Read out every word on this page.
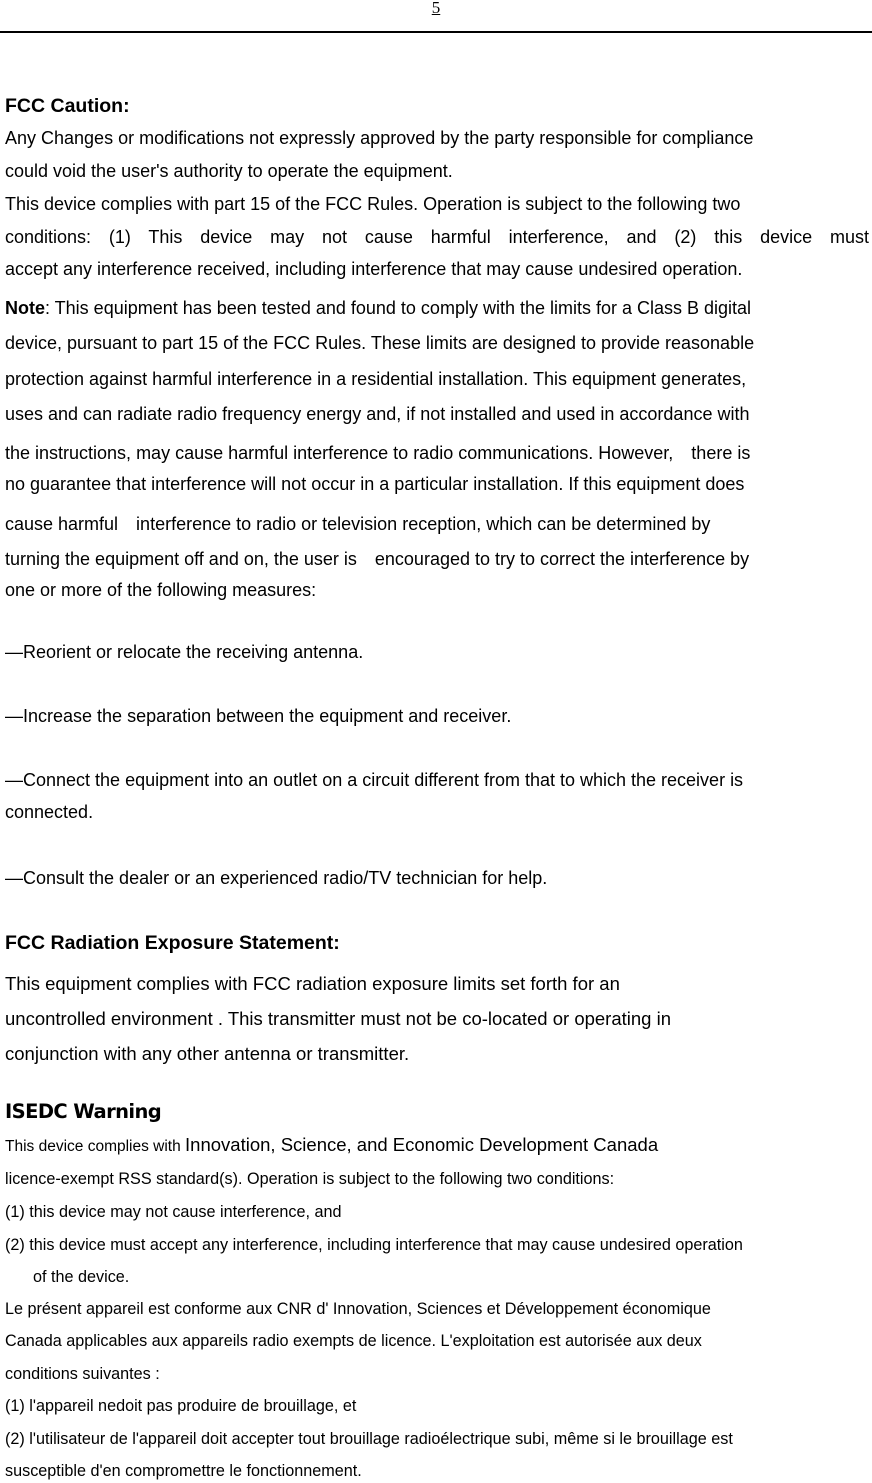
5
FCC Caution:
Any Changes or modifications not expressly approved by the party responsible for compliance
could void the user's authority to operate the equipment.
This device complies with part 15 of the FCC Rules. Operation is subject to the following two
conditions: (1) This device may not cause harmful interference, and (2) this device must
accept any interference received, including interference that may cause undesired operation.
Note: This equipment has been tested and found to comply with the limits for a Class B digital
device, pursuant to part 15 of the FCC Rules. These limits are designed to provide reasonable
protection against harmful interference in a residential installation. This equipment generates,
uses and can radiate radio frequency energy and, if not installed and used in accordance with
the instructions, may cause harmful interference to radio communications. However,　there is
no guarantee that interference will not occur in a particular installation. If this equipment does
cause harmful　interference to radio or television reception, which can be determined by
turning the equipment off and on, the user is　encouraged to try to correct the interference by
one or more of the following measures:
—Reorient or relocate the receiving antenna.
—Increase the separation between the equipment and receiver.
—Connect the equipment into an outlet on a circuit different from that to which the receiver is
connected.
—Consult the dealer or an experienced radio/TV technician for help.
FCC Radiation Exposure Statement:
This equipment complies with FCC radiation exposure limits set forth for an
uncontrolled environment . This transmitter must not be co-located or operating in
conjunction with any other antenna or transmitter.
ISEDC Warning
This device complies with Innovation, Science, and Economic Development Canada
licence-exempt RSS standard(s). Operation is subject to the following two conditions:
(1) this device may not cause interference, and
(2) this device must accept any interference, including interference that may cause undesired operation
of the device.
Le présent appareil est conforme aux CNR d' Innovation, Sciences et Développement économique
Canada applicables aux appareils radio exempts de licence. L'exploitation est autorisée aux deux
conditions suivantes :
(1) l'appareil nedoit pas produire de brouillage, et
(2) l'utilisateur de l'appareil doit accepter tout brouillage radioélectrique subi, même si le brouillage est
susceptible d'en compromettre le fonctionnement.
